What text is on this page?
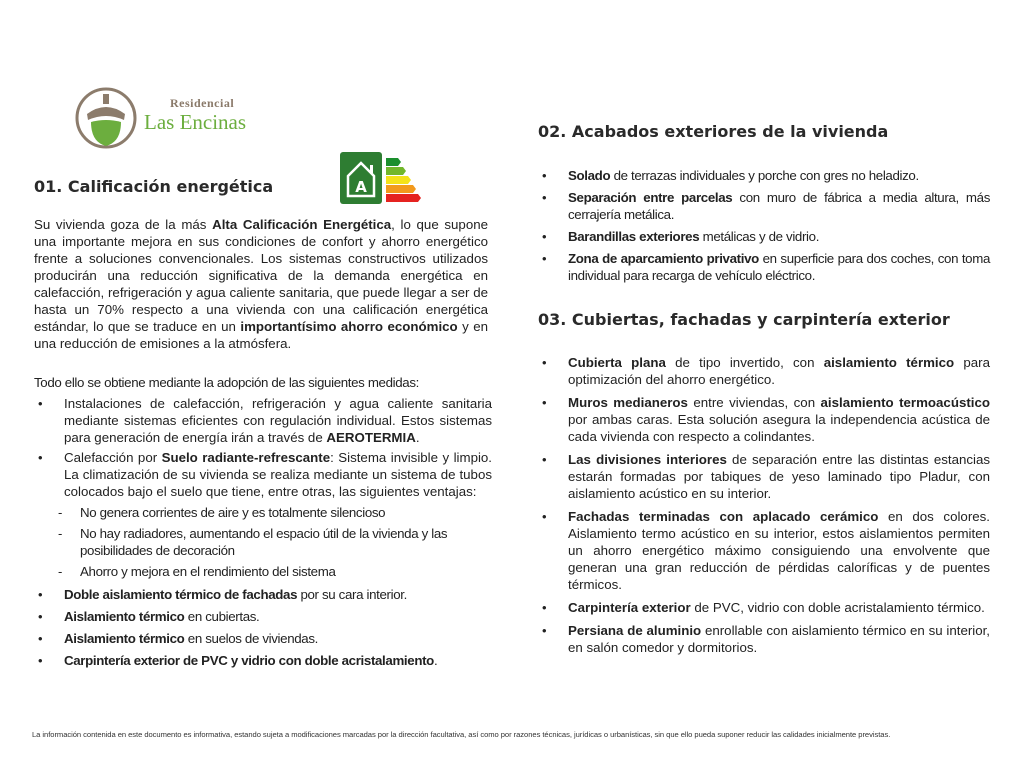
Residencial
Las Encinas
A
01. Calificación energética

Su vivienda goza de la más Alta Calificación Energética, lo que supone una importante mejora en sus condiciones de confort y ahorro energético frente a soluciones convencionales. Los sistemas constructivos utilizados producirán una reducción significativa de la demanda energética en calefacción, refrigeración y agua caliente sanitaria, que puede llegar a ser de hasta un 70% respecto a una vivienda con una calificación energética estándar, lo que se traduce en un importantísimo ahorro económico y en una reducción de emisiones a la atmósfera.

Todo ello se obtiene mediante la adopción de las siguientes medidas:

• Instalaciones de calefacción, refrigeración y agua caliente sanitaria mediante sistemas eficientes con regulación individual. Estos sistemas para generación de energía irán a través de AEROTERMIA.
• Calefacción por Suelo radiante-refrescante: Sistema invisible y limpio. La climatización de su vivienda se realiza mediante un sistema de tubos colocados bajo el suelo que tiene, entre otras, las siguientes ventajas:
- No genera corrientes de aire y es totalmente silencioso
- No hay radiadores, aumentando el espacio útil de la vivienda y las posibilidades de decoración
- Ahorro y mejora en el rendimiento del sistema
• Doble aislamiento térmico de fachadas por su cara interior.
• Aislamiento térmico en cubiertas.
• Aislamiento térmico en suelos de viviendas.
• Carpintería exterior de PVC y vidrio con doble acristalamiento.
02. Acabados exteriores de la vivienda
• Solado de terrazas individuales y porche con gres no heladizo.
• Separación entre parcelas con muro de fábrica a media altura, más cerrajería metálica.
• Barandillas exteriores metálicas y de vidrio.
• Zona de aparcamiento privativo en superficie para dos coches, con toma individual para recarga de vehículo eléctrico.
03. Cubiertas, fachadas y carpintería exterior
• Cubierta plana de tipo invertido, con aislamiento térmico para optimización del ahorro energético.
• Muros medianeros entre viviendas, con aislamiento termoacústico por ambas caras. Esta solución asegura la independencia acústica de cada vivienda con respecto a colindantes.
• Las divisiones interiores de separación entre las distintas estancias estarán formadas por tabiques de yeso laminado tipo Pladur, con aislamiento acústico en su interior.
• Fachadas terminadas con aplacado cerámico en dos colores. Aislamiento termo acústico en su interior, estos aislamientos permiten un ahorro energético máximo consiguiendo una envolvente que generan una gran reducción de pérdidas caloríficas y de puentes térmicos.
• Carpintería exterior de PVC, vidrio con doble acristalamiento térmico.
• Persiana de aluminio enrollable con aislamiento térmico en su interior, en salón comedor y dormitorios.
La información contenida en este documento es informativa, estando sujeta a modificaciones marcadas por la dirección facultativa, así como por razones técnicas, jurídicas o urbanísticas, sin que ello pueda suponer reducir las calidades inicialmente previstas.
